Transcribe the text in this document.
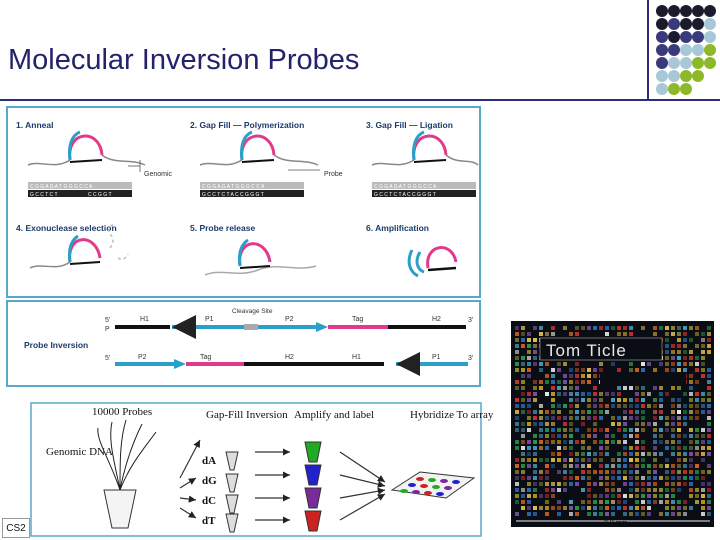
Molecular Inversion Probes
1. Anneal	2. Gap Fill — Polymerization	3. Gap Fill — Ligation
4. Exonuclease selection	5. Probe release	6. Amplification
C G G A G A T G G G C C A
G C C T C T	C C G G T
Genomic
C G G A G A T G G G C C A
G C C T C T A C C G G G T
Probe
C G G A G A T G G G C C A
G C C T C T A C C G G G T
Probe Inversion
Cleavage Site
5'
P
H1	P1	P2	Tag	H2	3'
5'	P2	Tag	H2	H1	P1	3'
10000 Probes
Genomic DNA
Gap-Fill Inversion Amplify and label	Hybridize To array
dA
dG
dC
dT
Tom Ticle
2.8 mm
CS2
